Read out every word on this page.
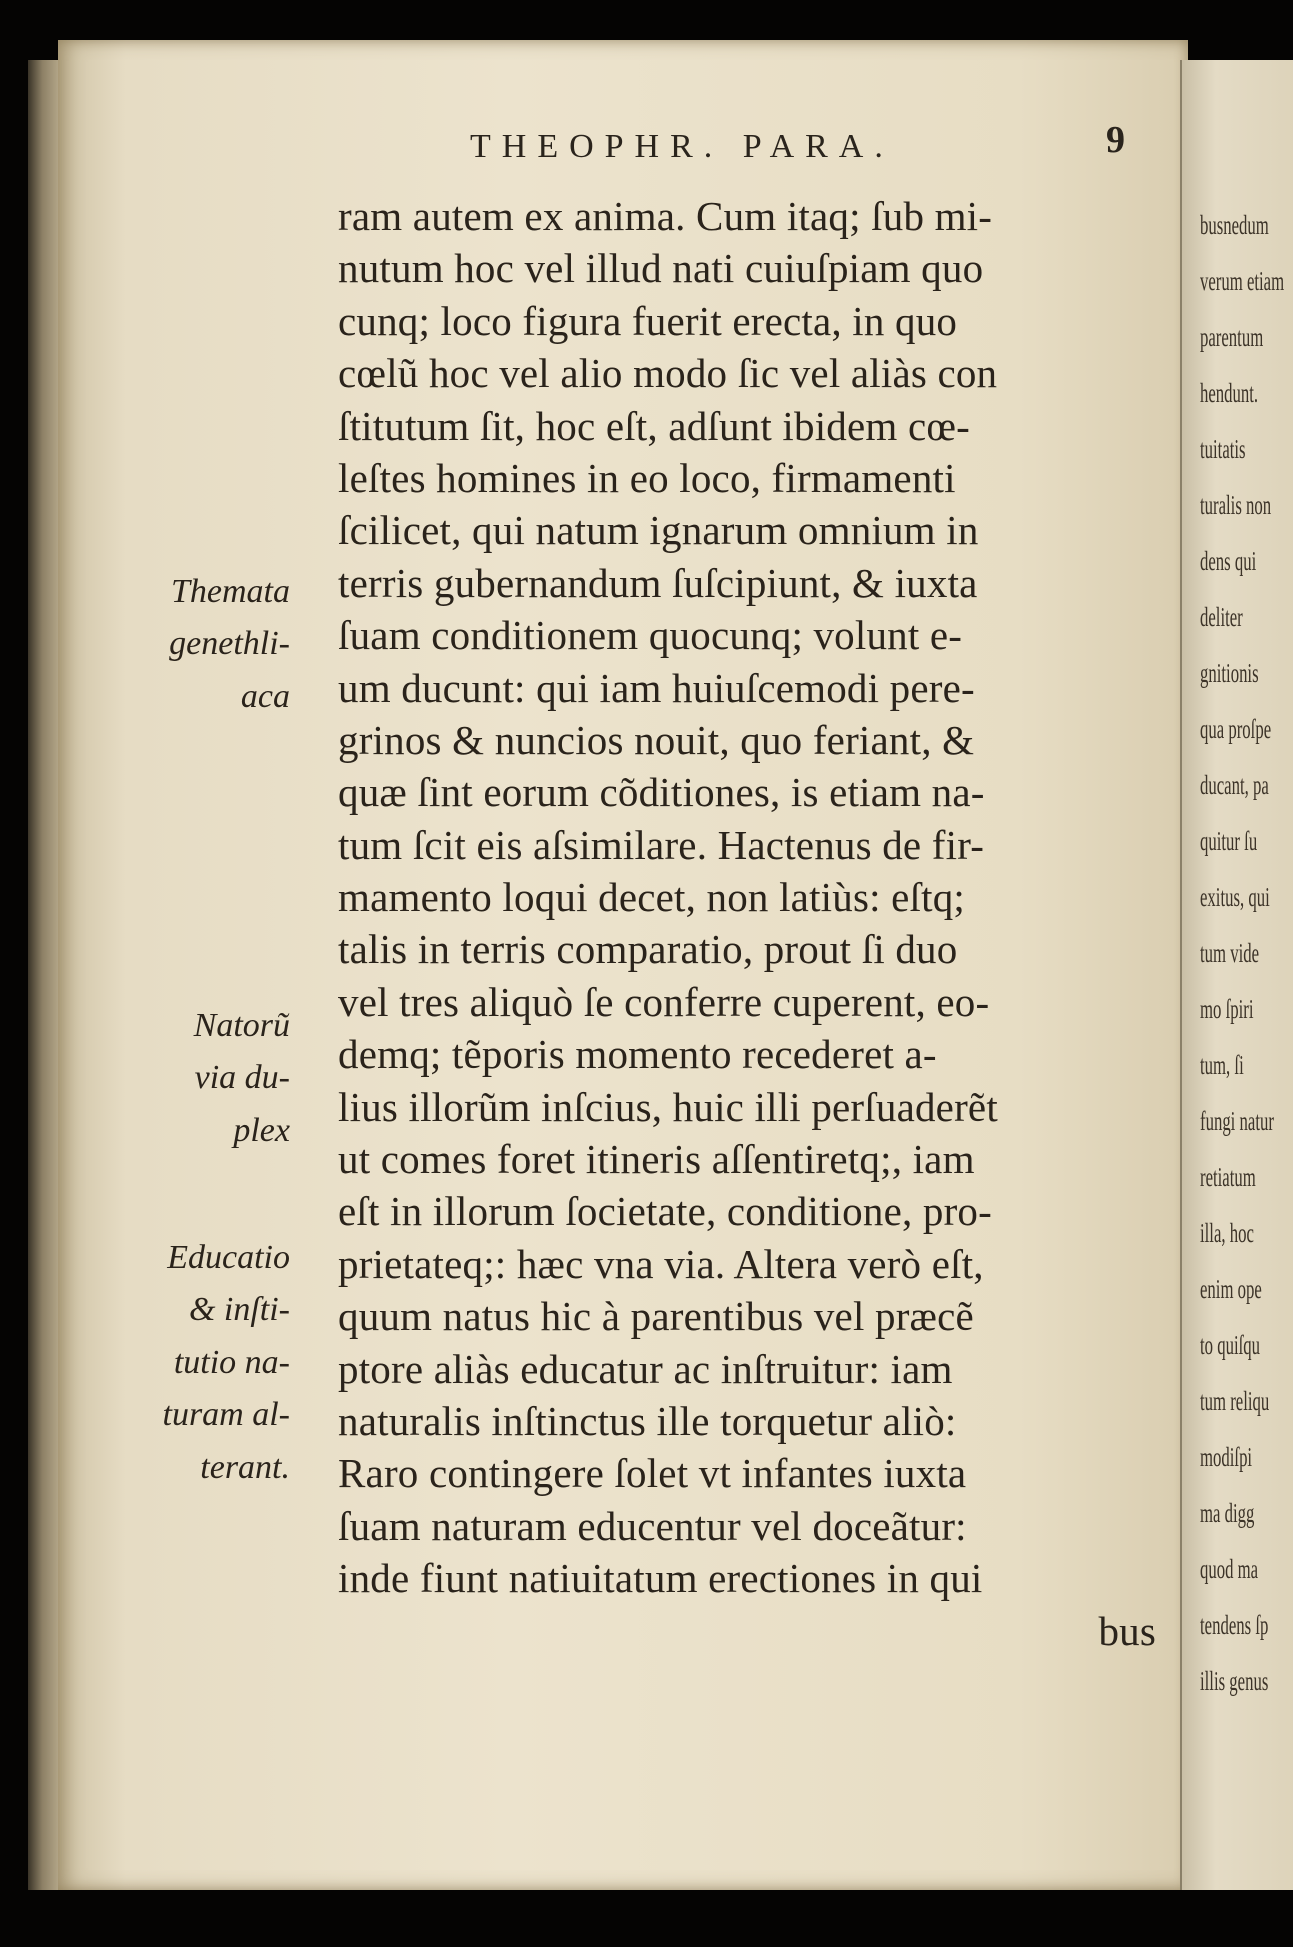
busnedum
verum etiam
parentum
hendunt.
tuitatis
turalis non
dens qui
deliter
gnitionis
qua proſpe
ducant, pa
quitur ſu
exitus, qui
tum vide
mo ſpiri
tum, ſi
fungi natur
retiatum
illa, hoc
enim ope
to quiſqu
tum reliqu
modiſpi
ma digg
quod ma
tendens ſp
illis genus
THEOPHR. PARA.	9
ram autem ex anima. Cum itaq; ſub mi-
nutum hoc vel illud nati cuiuſpiam quo
cunq; loco figura fuerit erecta, in quo
cœlũ hoc vel alio modo ſic vel aliàs con
ſtitutum ſit, hoc eſt, adſunt ibidem cœ-
leſtes homines in eo loco, firmamenti
ſcilicet, qui natum ignarum omnium in
terris gubernandum ſuſcipiunt, & iuxta
ſuam conditionem quocunq; volunt e-
um ducunt: qui iam huiuſcemodi pere-
grinos & nuncios nouit, quo feriant, &
quæ ſint eorum cõditiones, is etiam na-
tum ſcit eis aſsimilare. Hactenus de fir-
mamento loqui decet, non latiùs: eſtq;
talis in terris comparatio, prout ſi duo
vel tres aliquò ſe conferre cuperent, eo-
demq; tẽporis momento recederet a-
lius illorũm inſcius, huic illi perſuaderẽt
ut comes foret itineris aſſentiretq;, iam
eſt in illorum ſocietate, conditione, pro-
prietateq;: hæc vna via. Altera verò eſt,
quum natus hic à parentibus vel præcẽ
ptore aliàs educatur ac inſtruitur: iam
naturalis inſtinctus ille torquetur aliò:
Raro contingere ſolet vt infantes iuxta
ſuam naturam educentur vel doceãtur:
inde fiunt natiuitatum erectiones in qui
bus
Themata
genethli-
aca
Natorũ
via du-
plex
Educatio
& inſti-
tutio na-
turam al-
terant.
